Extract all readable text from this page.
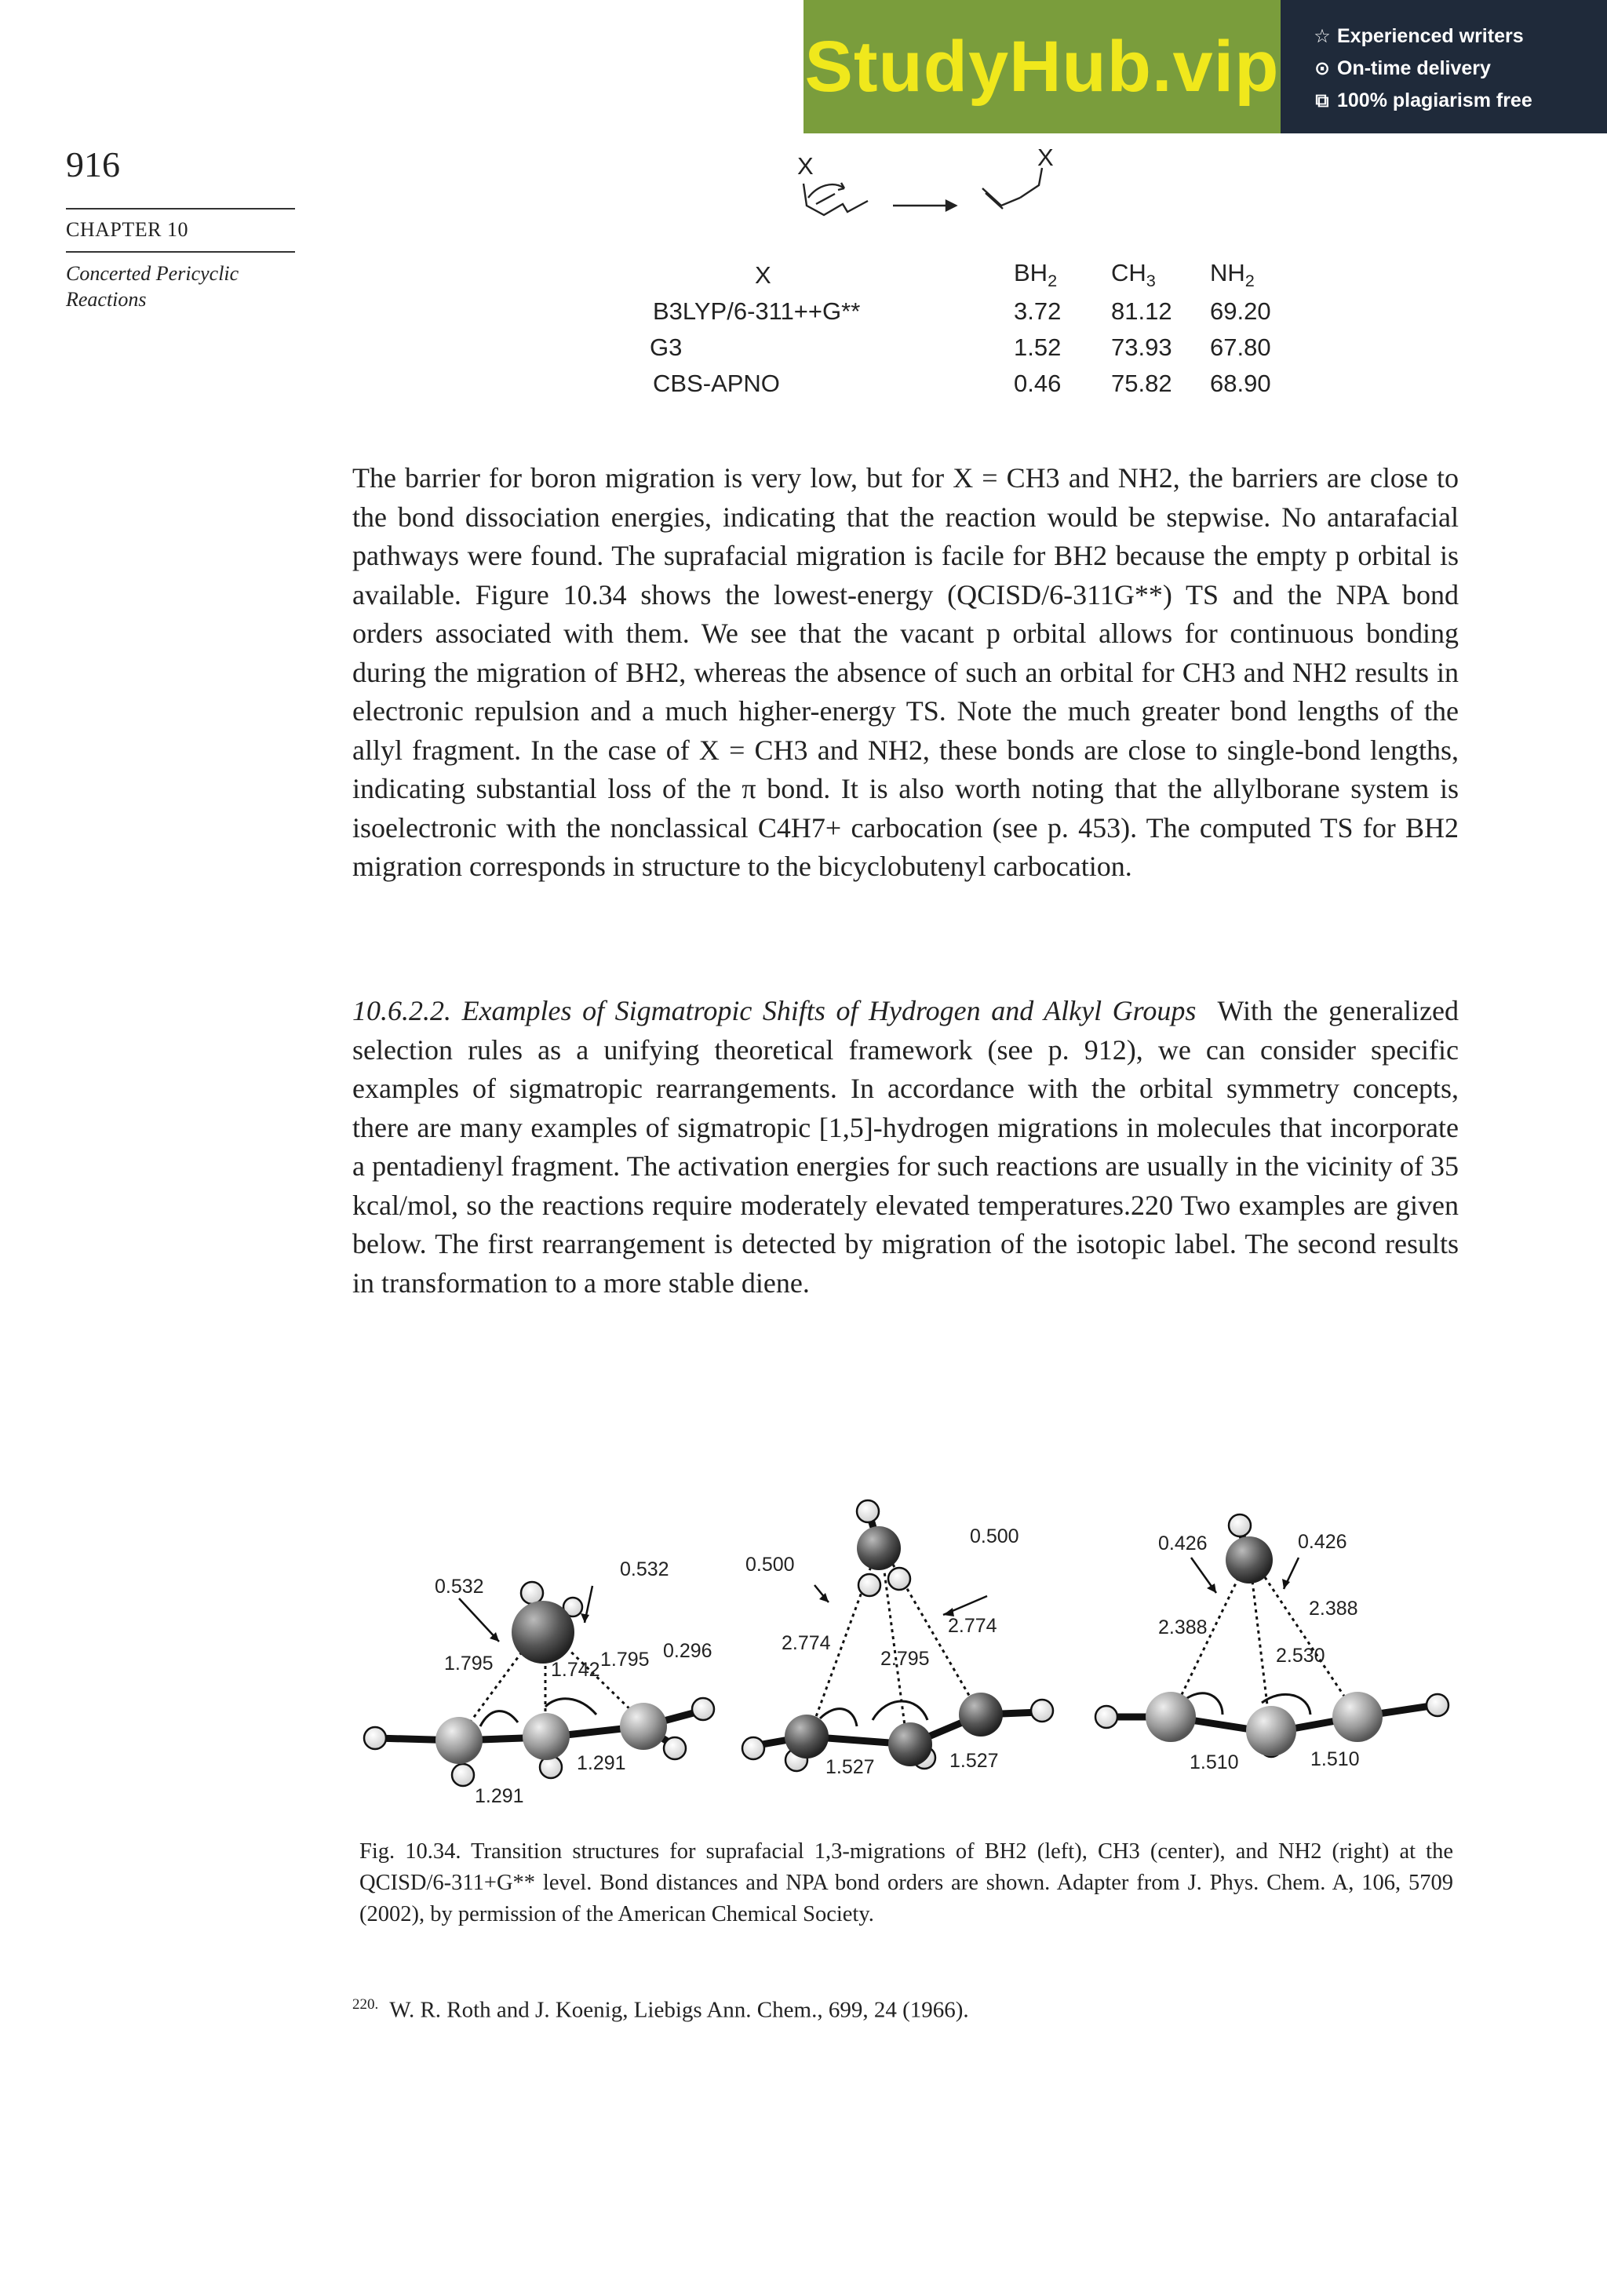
StudyHub.vip ☆ Experienced writers
⊙ On-time delivery
⧉ 100% plagiarism free
916
CHAPTER 10
Concerted Pericyclic Reactions
X	X
X	$BH_2$	$CH_3$	$NH_2$
B3LYP/6-311++G**	3.72	81.12	69.20
G3	1.52	73.93	67.80
CBS-APNO	0.46	75.82	68.90
The barrier for boron migration is very low, but for X = CH3 and NH2, the barriers are close to the bond dissociation energies, indicating that the reaction would be stepwise. No antarafacial pathways were found. The suprafacial migration is facile for BH2 because the empty p orbital is available. Figure 10.34 shows the lowest-energy (QCISD/6-311G**) TS and the NPA bond orders associated with them. We see that the vacant p orbital allows for continuous bonding during the migration of BH2, whereas the absence of such an orbital for CH3 and NH2 results in electronic repulsion and a much higher-energy TS. Note the much greater bond lengths of the allyl fragment. In the case of X = CH3 and NH2, these bonds are close to single-bond lengths, indicating substantial loss of the π bond. It is also worth noting that the allylborane system is isoelectronic with the nonclassical C4H7+ carbocation (see p. 453). The computed TS for BH2 migration corresponds in structure to the bicyclobutenyl carbocation.
10.6.2.2. Examples of Sigmatropic Shifts of Hydrogen and Alkyl Groups With the generalized selection rules as a unifying theoretical framework (see p. 912), we can consider specific examples of sigmatropic rearrangements. In accordance with the orbital symmetry concepts, there are many examples of sigmatropic [1,5]-hydrogen migrations in molecules that incorporate a pentadienyl fragment. The activation energies for such reactions are usually in the vicinity of 35 kcal/mol, so the reactions require moderately elevated temperatures.220 Two examples are given below. The first rearrangement is detected by migration of the isotopic label. The second results in transformation to a more stable diene.
0.532
0.532
0.296
1.795	1.742 1.795
1.291
1.291
0.500
0.500
2.774
2.795
2.774
1.527	1.527
0.426	0.426
2.388
2.388
2.530
1.510	1.510
Fig. 10.34. Transition structures for suprafacial 1,3-migrations of BH2 (left), CH3 (center), and NH2 (right) at the QCISD/6-311+G** level. Bond distances and NPA bond orders are shown. Adapter from J. Phys. Chem. A, 106, 5709 (2002), by permission of the American Chemical Society.
$^{220.}$ W. R. Roth and J. Koenig, Liebigs Ann. Chem., 699, 24 (1966).
